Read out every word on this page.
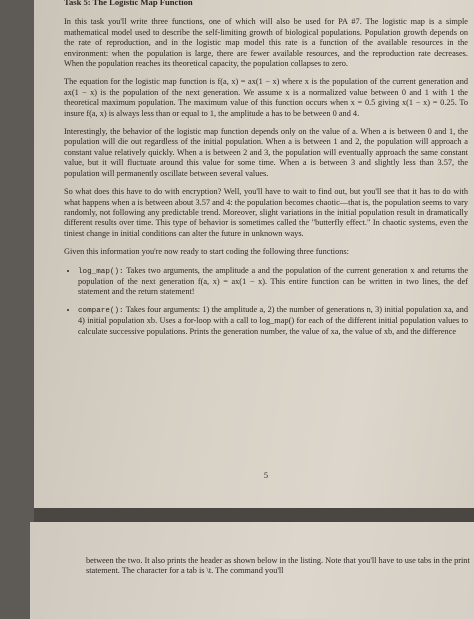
Task 5: The Logistic Map Function

In this task you'll write three functions, one of which will also be used for PA #7. The logistic map is a simple mathematical model used to describe the self-limiting growth of biological populations. Population growth depends on the rate of reproduction, and in the logistic map model this rate is a function of the available resources in the environment: when the population is large, there are fewer available resources, and the reproduction rate decreases. When the population reaches its theoretical capacity, the population collapses to zero.

The equation for the logistic map function is f(a, x) = ax(1 − x) where x is the population of the current generation and ax(1 − x) is the population of the next generation. We assume x is a normalized value between 0 and 1 with 1 the theoretical maximum population. The maximum value of this function occurs when x = 0.5 giving x(1 − x) = 0.25. To insure f(a, x) is always less than or equal to 1, the amplitude a has to be between 0 and 4.

Interestingly, the behavior of the logistic map function depends only on the value of a. When a is between 0 and 1, the population will die out regardless of the initial population. When a is between 1 and 2, the population will approach a constant value relatively quickly. When a is between 2 and 3, the population will eventually approach the same constant value, but it will fluctuate around this value for some time. When a is between 3 and slightly less than 3.57, the population will permanently oscillate between several values.

So what does this have to do with encryption? Well, you'll have to wait to find out, but you'll see that it has to do with what happens when a is between about 3.57 and 4: the population becomes chaotic—that is, the population seems to vary randomly, not following any predictable trend. Moreover, slight variations in the initial population result in dramatically different results over time. This type of behavior is sometimes called the "butterfly effect." In chaotic systems, even the tiniest change in initial conditions can alter the future in unknown ways.

Given this information you're now ready to start coding the following three functions:

• log_map(): Takes two arguments, the amplitude a and the population of the current generation x and returns the population of the next generation f(a, x) = ax(1 − x). This entire function can be written in two lines, the def statement and the return statement!
• compare(): Takes four arguments: 1) the amplitude a, 2) the number of generations n, 3) initial population xa, and 4) initial population xb. Uses a for-loop with a call to log_map() for each of the different initial population values to calculate successive populations. Prints the generation number, the value of xa, the value of xb, and the difference
5
between the two. It also prints the header as shown below in the listing. Note that you'll have to use tabs in the print statement. The character for a tab is \t. The command you'll
